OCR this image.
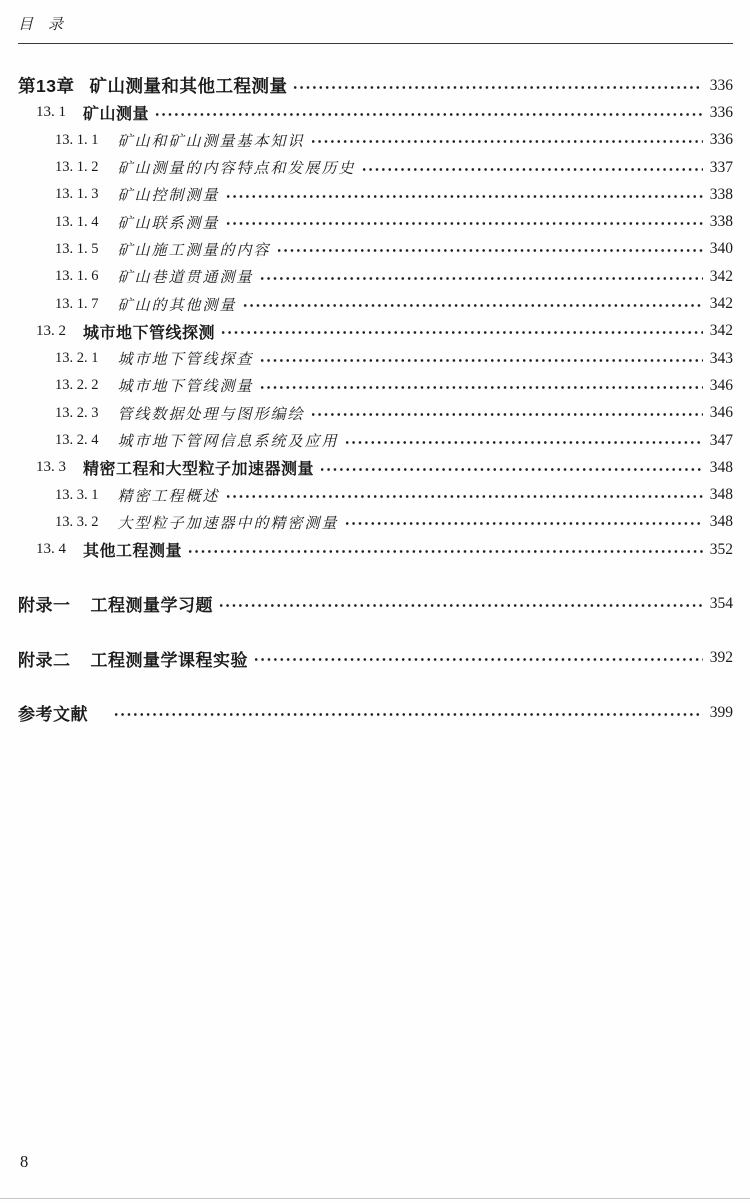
目　录
第13章 矿山测量和其他工程测量	336
13. 1 矿山测量	336
13. 1. 1 矿山和矿山测量基本知识	336
13. 1. 2 矿山测量的内容特点和发展历史	337
13. 1. 3 矿山控制测量	338
13. 1. 4 矿山联系测量	338
13. 1. 5 矿山施工测量的内容	340
13. 1. 6 矿山巷道贯通测量	342
13. 1. 7 矿山的其他测量	342
13. 2 城市地下管线探测	342
13. 2. 1 城市地下管线探查	343
13. 2. 2 城市地下管线测量	346
13. 2. 3 管线数据处理与图形编绘	346
13. 2. 4 城市地下管网信息系统及应用	347
13. 3 精密工程和大型粒子加速器测量	348
13. 3. 1 精密工程概述	348
13. 3. 2 大型粒子加速器中的精密测量	348
13. 4 其他工程测量	352
附录一 工程测量学习题	354
附录二 工程测量学课程实验	392
参考文献	399
8
